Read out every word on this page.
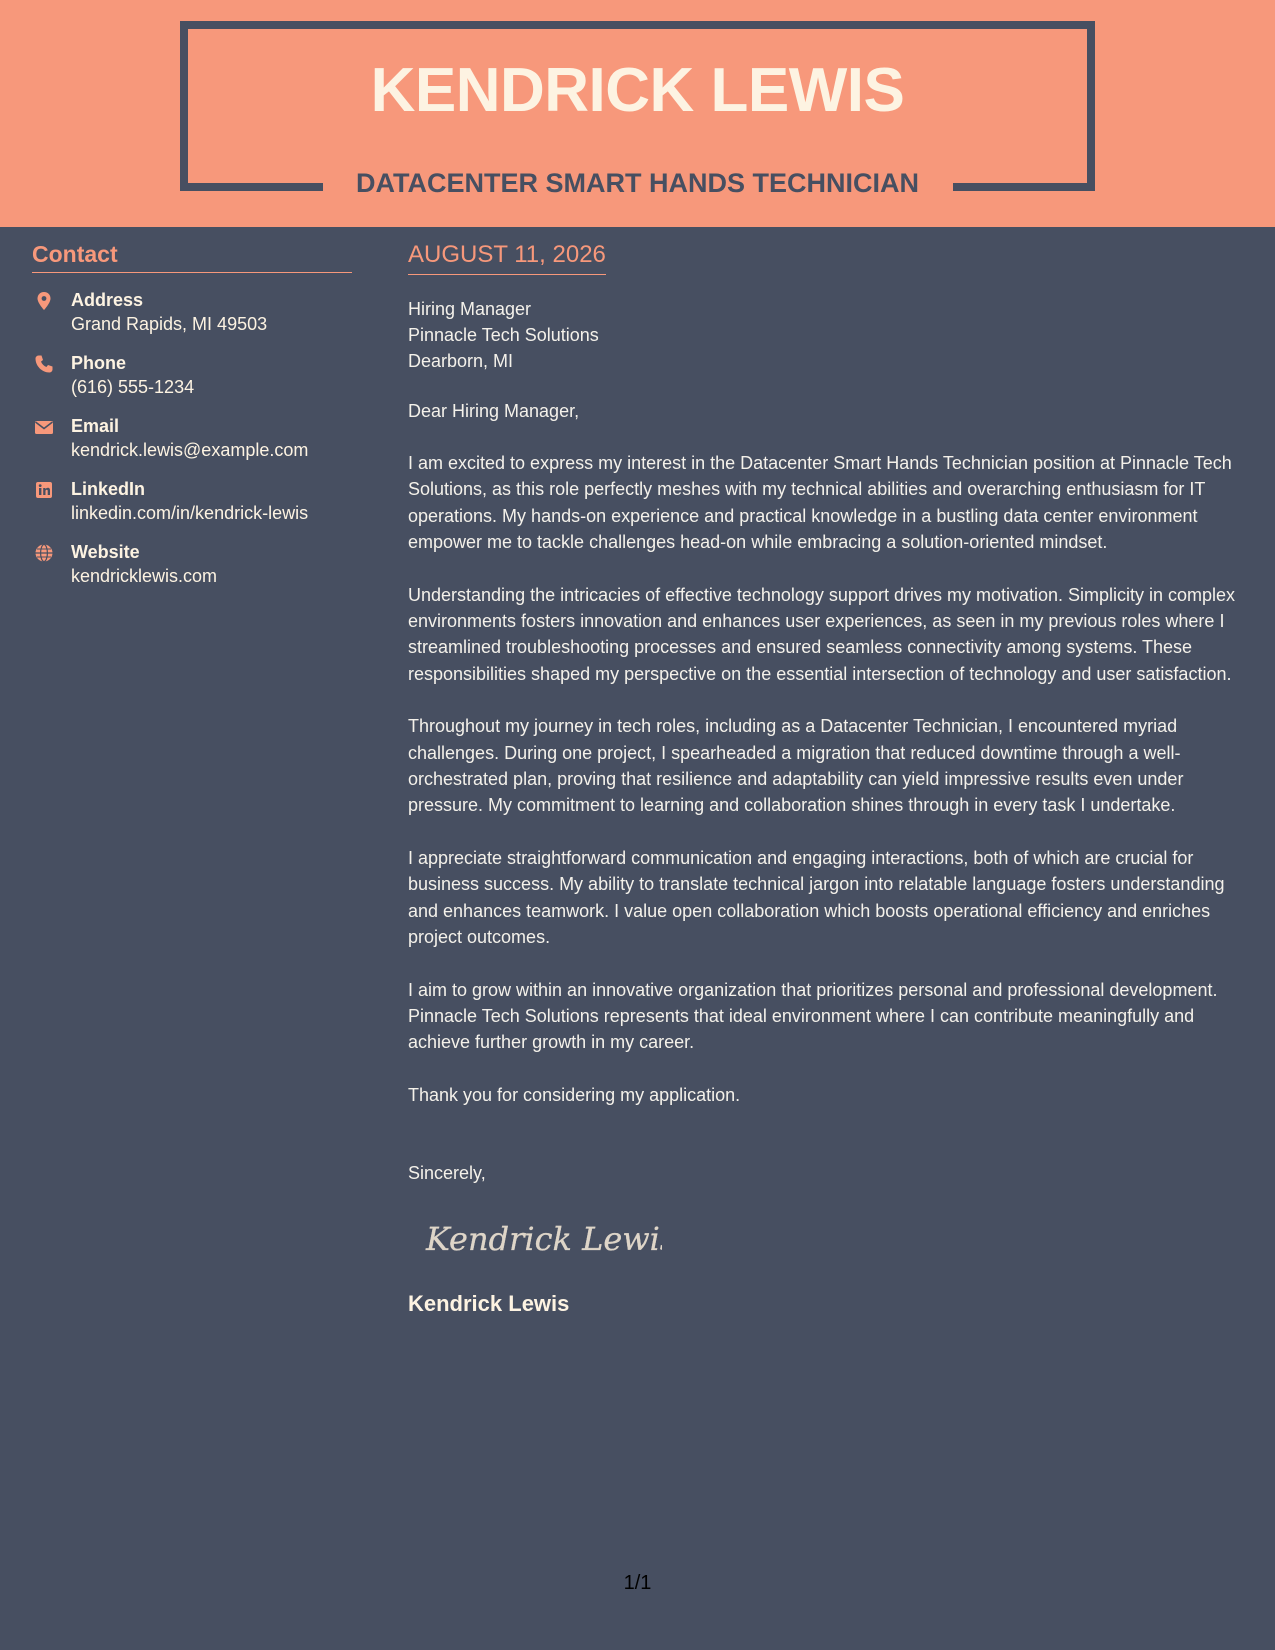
KENDRICK LEWIS
DATACENTER SMART HANDS TECHNICIAN
Contact
Address
Grand Rapids, MI 49503
Phone
(616) 555-1234
Email
kendrick.lewis@example.com
LinkedIn
linkedin.com/in/kendrick-lewis
Website
kendricklewis.com
AUGUST 11, 2026
Hiring Manager
Pinnacle Tech Solutions
Dearborn, MI
Dear Hiring Manager,

I am excited to express my interest in the Datacenter Smart Hands Technician position at Pinnacle Tech Solutions, as this role perfectly meshes with my technical abilities and overarching enthusiasm for IT operations. My hands-on experience and practical knowledge in a bustling data center environment empower me to tackle challenges head-on while embracing a solution-oriented mindset.

Understanding the intricacies of effective technology support drives my motivation. Simplicity in complex environments fosters innovation and enhances user experiences, as seen in my previous roles where I streamlined troubleshooting processes and ensured seamless connectivity among systems. These responsibilities shaped my perspective on the essential intersection of technology and user satisfaction.

Throughout my journey in tech roles, including as a Datacenter Technician, I encountered myriad challenges. During one project, I spearheaded a migration that reduced downtime through a well-orchestrated plan, proving that resilience and adaptability can yield impressive results even under pressure. My commitment to learning and collaboration shines through in every task I undertake.

I appreciate straightforward communication and engaging interactions, both of which are crucial for business success. My ability to translate technical jargon into relatable language fosters understanding and enhances teamwork. I value open collaboration which boosts operational efficiency and enriches project outcomes.

I aim to grow within an innovative organization that prioritizes personal and professional development. Pinnacle Tech Solutions represents that ideal environment where I can contribute meaningfully and achieve further growth in my career.

Thank you for considering my application.

Sincerely,
Kendrick Lewis
Kendrick Lewis
1/1
